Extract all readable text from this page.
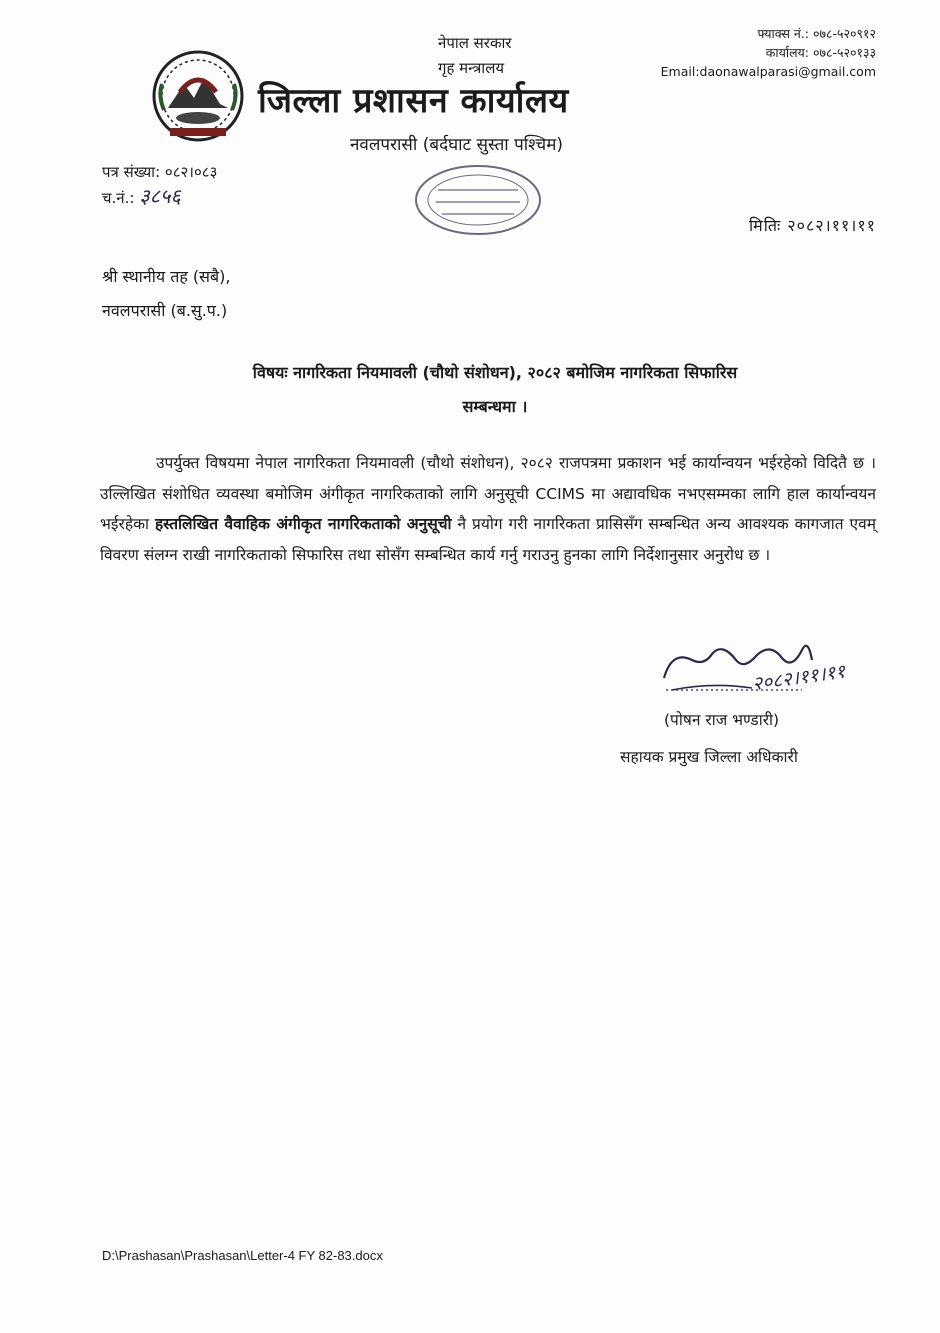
नेपाल सरकार
गृह मन्त्रालय
जिल्ला प्रशासन कार्यालय
नवलपरासी (बर्दघाट सुस्ता पश्चिम)
फ्याक्स नं.: ०७८-५२०९१२
कार्यालय: ०७८-५२०१३३
Email:daonawalparasi@gmail.com
पत्र संख्या: ०८२।०८३
च.नं.: ३८५६
मितिः २०८२।११।११
श्री स्थानीय तह (सबै),
नवलपरासी (ब.सु.प.)
विषयः नागरिकता नियमावली (चौथो संशोधन), २०८२ बमोजिम नागरिकता सिफारिस
सम्बन्धमा ।

उपर्युक्त विषयमा नेपाल नागरिकता नियमावली (चौथो संशोधन), २०८२ राजपत्रमा प्रकाशन भई कार्यान्वयन भईरहेको विदितै छ । उल्लिखित संशोधित व्यवस्था बमोजिम अंगीकृत नागरिकताको लागि अनुसूची CCIMS मा अद्यावधिक नभएसम्मका लागि हाल कार्यान्वयन भईरहेका हस्तलिखित वैवाहिक अंगीकृत नागरिकताको अनुसूची नै प्रयोग गरी नागरिकता प्रासिसँग सम्बन्धित अन्य आवश्यक कागजात एवम् विवरण संलग्न राखी नागरिकताको सिफारिस तथा सोसँग सम्बन्धित कार्य गर्नु गराउनु हुनका लागि निर्देशानुसार अनुरोध छ ।

२०८२।११।११
(पोषन राज भण्डारी)
सहायक प्रमुख जिल्ला अधिकारी
D:\Prashasan\Prashasan\Letter-4 FY 82-83.docx
